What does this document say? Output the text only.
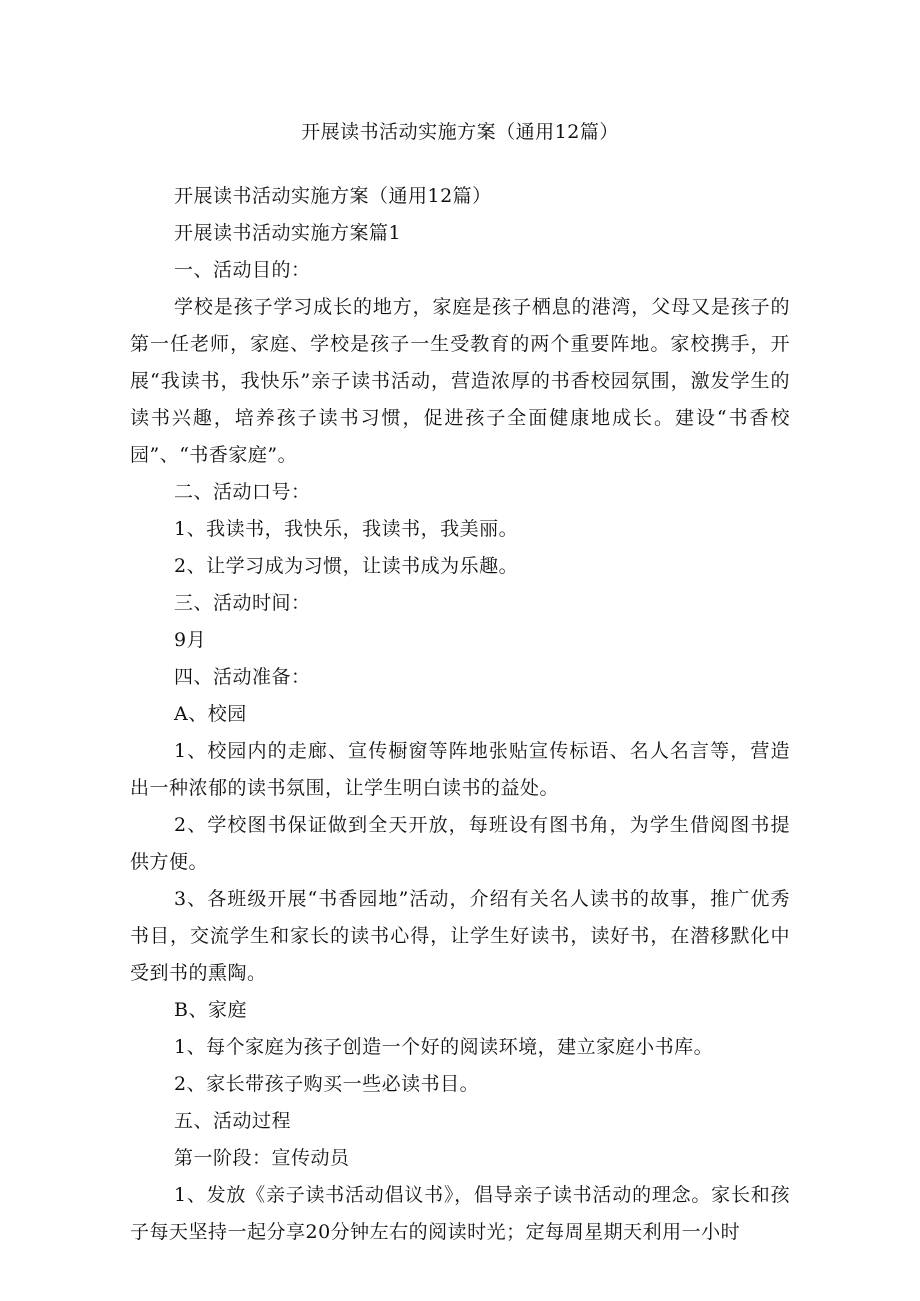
开展读书活动实施方案（通用12篇）

开展读书活动实施方案（通用12篇）

开展读书活动实施方案篇1

一、活动目的：

学校是孩子学习成长的地方，家庭是孩子栖息的港湾，父母又是孩子的第一任老师，家庭、学校是孩子一生受教育的两个重要阵地。家校携手，开展“我读书，我快乐”亲子读书活动，营造浓厚的书香校园氛围，激发学生的读书兴趣，培养孩子读书习惯，促进孩子全面健康地成长。建设“书香校园”、“书香家庭”。

二、活动口号：

1、我读书，我快乐，我读书，我美丽。

2、让学习成为习惯，让读书成为乐趣。

三、活动时间：

9月

四、活动准备：

A、校园

1、校园内的走廊、宣传橱窗等阵地张贴宣传标语、名人名言等，营造出一种浓郁的读书氛围，让学生明白读书的益处。

2、学校图书保证做到全天开放，每班设有图书角，为学生借阅图书提供方便。

3、各班级开展“书香园地”活动，介绍有关名人读书的故事，推广优秀书目，交流学生和家长的读书心得，让学生好读书，读好书，在潜移默化中受到书的熏陶。

B、家庭

1、每个家庭为孩子创造一个好的阅读环境，建立家庭小书库。

2、家长带孩子购买一些必读书目。

五、活动过程

第一阶段：宣传动员

1、发放《亲子读书活动倡议书》，倡导亲子读书活动的理念。家长和孩子每天坚持一起分享20分钟左右的阅读时光；定每周星期天利用一小时
